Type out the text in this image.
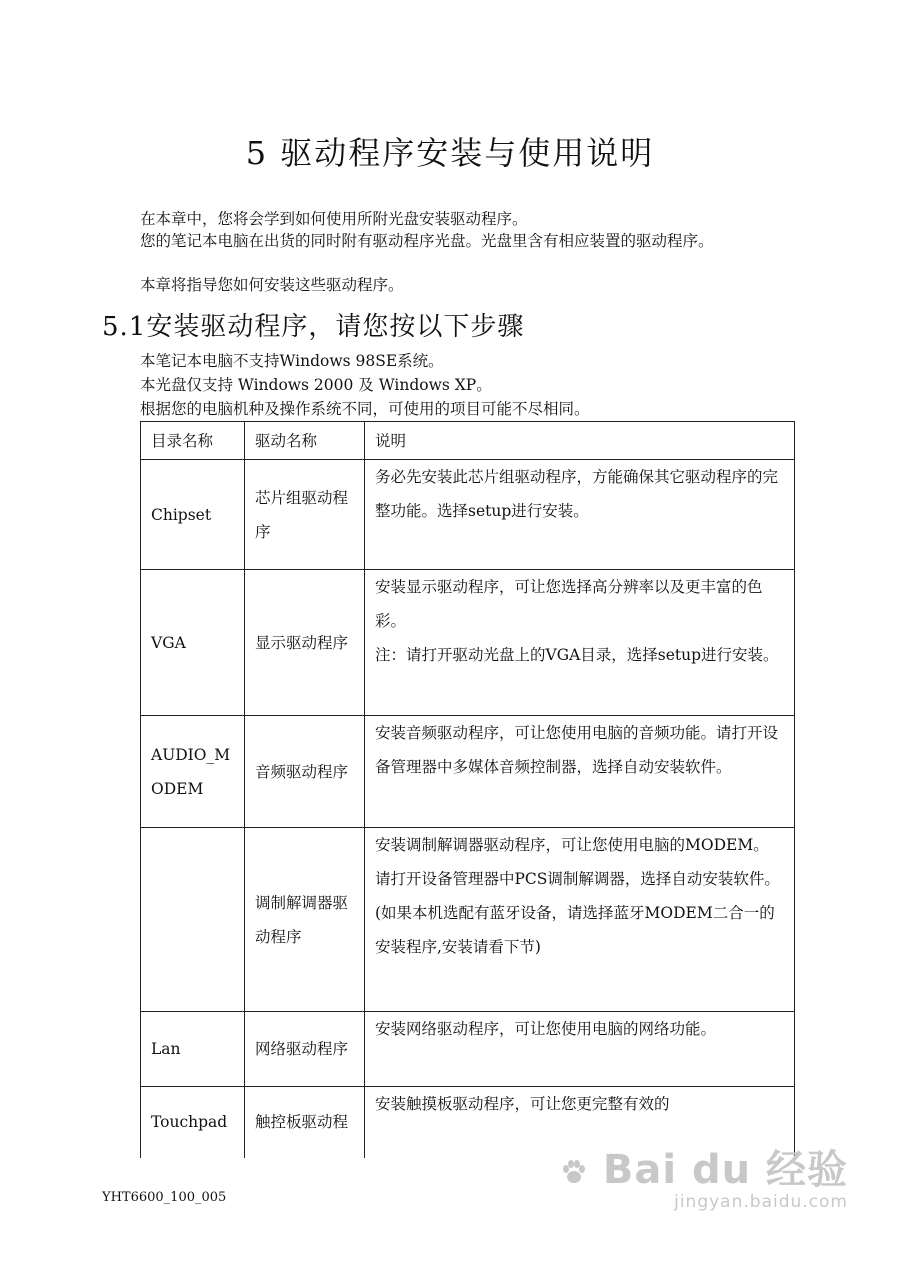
5 驱动程序安装与使用说明

在本章中，您将会学到如何使用所附光盘安装驱动程序。

您的笔记本电脑在出货的同时附有驱动程序光盘。光盘里含有相应装置的驱动程序。

本章将指导您如何安装这些驱动程序。

5.1安装驱动程序，请您按以下步骤

本笔记本电脑不支持Windows 98SE系统。

本光盘仅支持 Windows 2000 及 Windows XP。

根据您的电脑机种及操作系统不同，可使用的项目可能不尽相同。

目录名称	驱动名称	说明
Chipset	芯片组驱动程序	务必先安装此芯片组驱动程序，方能确保其它驱动程序的完整功能。选择setup进行安装。
VGA	显示驱动程序	安装显示驱动程序，可让您选择高分辨率以及更丰富的色彩。
注：请打开驱动光盘上的VGA目录，选择setup进行安装。

AUDIO_MODEM	音频驱动程序	安装音频驱动程序，可让您使用电脑的音频功能。请打开设备管理器中多媒体音频控制器，选择自动安装软件。
	调制解调器驱动程序	安装调制解调器驱动程序，可让您使用电脑的MODEM。请打开设备管理器中PCS调制解调器，选择自动安装软件。(如果本机选配有蓝牙设备，请选择蓝牙MODEM二合一的安装程序,安装请看下节)
Lan	网络驱动程序	安装网络驱动程序，可让您使用电脑的网络功能。
Touchpad	触控板驱动程	安装触摸板驱动程序，可让您更完整有效的

YHT6600_100_005

Bai du 经验
jingyan.baidu.com
